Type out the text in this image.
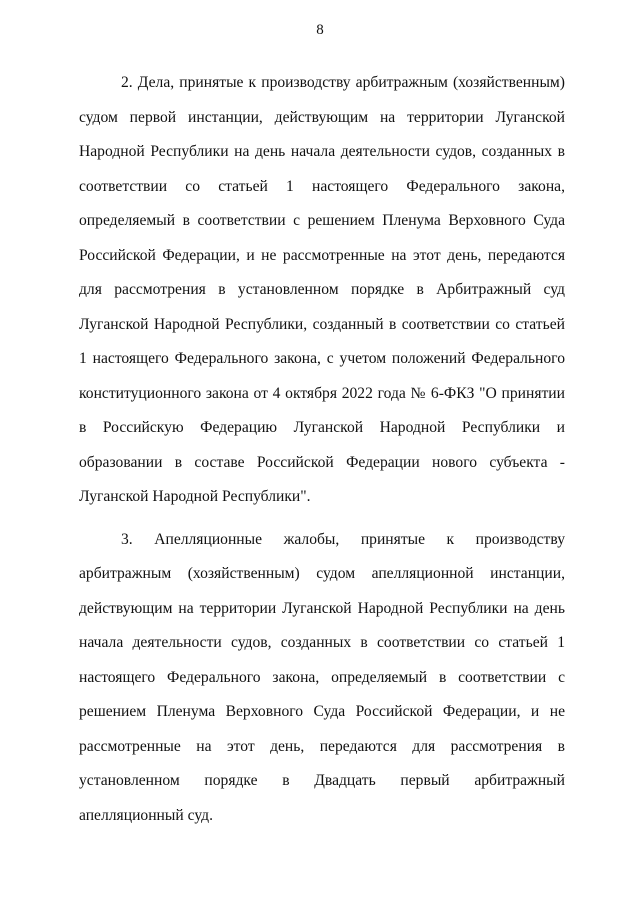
8

2. Дела, принятые к производству арбитражным (хозяйственным) судом первой инстанции, действующим на территории Луганской Народной Республики на день начала деятельности судов, созданных в соответствии со статьей 1 настоящего Федерального закона, определяемый в соответствии с решением Пленума Верховного Суда Российской Федерации, и не рассмотренные на этот день, передаются для рассмотрения в установленном порядке в Арбитражный суд Луганской Народной Республики, созданный в соответствии со статьей 1 настоящего Федерального закона, с учетом положений Федерального конституционного закона от 4 октября 2022 года № 6-ФКЗ "О принятии в Российскую Федерацию Луганской Народной Республики и образовании в составе Российской Федерации нового субъекта - Луганской Народной Республики".

3. Апелляционные жалобы, принятые к производству арбитражным (хозяйственным) судом апелляционной инстанции, действующим на территории Луганской Народной Республики на день начала деятельности судов, созданных в соответствии со статьей 1 настоящего Федерального закона, определяемый в соответствии с решением Пленума Верховного Суда Российской Федерации, и не рассмотренные на этот день, передаются для рассмотрения в установленном порядке в Двадцать первый арбитражный апелляционный суд.
